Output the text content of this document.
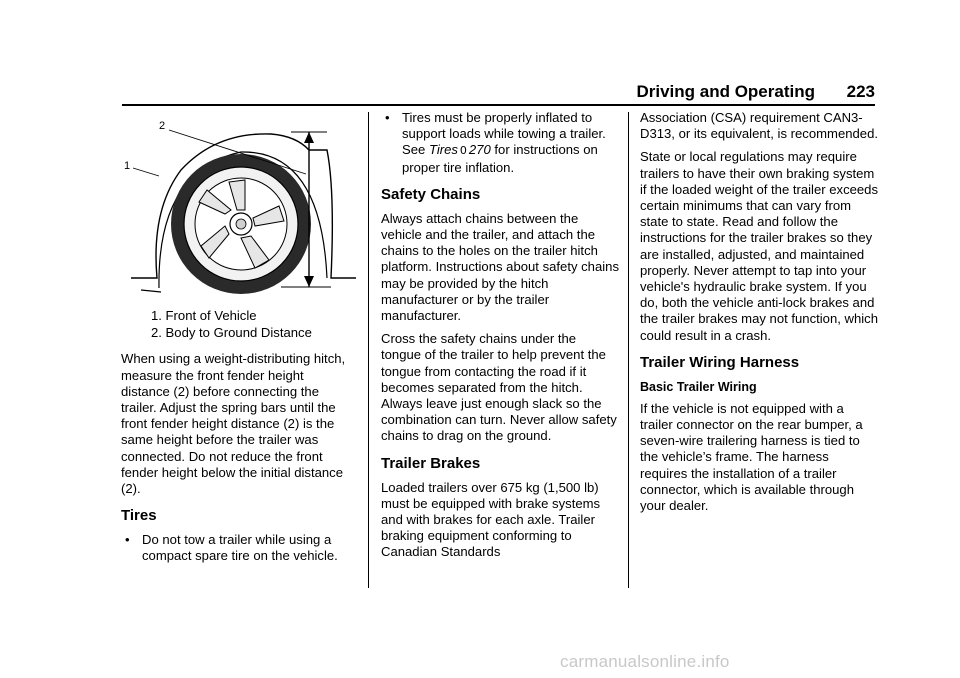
Driving and Operating 223
2
1
1. Front of Vehicle
2. Body to Ground Distance

When using a weight-distributing hitch, measure the front fender height distance (2) before connecting the trailer. Adjust the spring bars until the front fender height distance (2) is the same height before the trailer was connected. Do not reduce the front fender height below the initial distance (2).

Tires
• Do not tow a trailer while using a compact spare tire on the vehicle.
• Tires must be properly inflated to support loads while towing a trailer. See Tires 0 270 for instructions on proper tire inflation.
Safety Chains

Always attach chains between the vehicle and the trailer, and attach the chains to the holes on the trailer hitch platform. Instructions about safety chains may be provided by the hitch manufacturer or by the trailer manufacturer.

Cross the safety chains under the tongue of the trailer to help prevent the tongue from contacting the road if it becomes separated from the hitch. Always leave just enough slack so the combination can turn. Never allow safety chains to drag on the ground.

Trailer Brakes

Loaded trailers over 675 kg (1,500 lb) must be equipped with brake systems and with brakes for each axle. Trailer braking equipment conforming to Canadian Standards

Association (CSA) requirement CAN3-D313, or its equivalent, is recommended.

State or local regulations may require trailers to have their own braking system if the loaded weight of the trailer exceeds certain minimums that can vary from state to state. Read and follow the instructions for the trailer brakes so they are installed, adjusted, and maintained properly. Never attempt to tap into your vehicle's hydraulic brake system. If you do, both the vehicle anti-lock brakes and the trailer brakes may not function, which could result in a crash.

Trailer Wiring Harness
Basic Trailer Wiring

If the vehicle is not equipped with a trailer connector on the rear bumper, a seven-wire trailering harness is tied to the vehicle’s frame. The harness requires the installation of a trailer connector, which is available through your dealer.

carmanualsonline.info
